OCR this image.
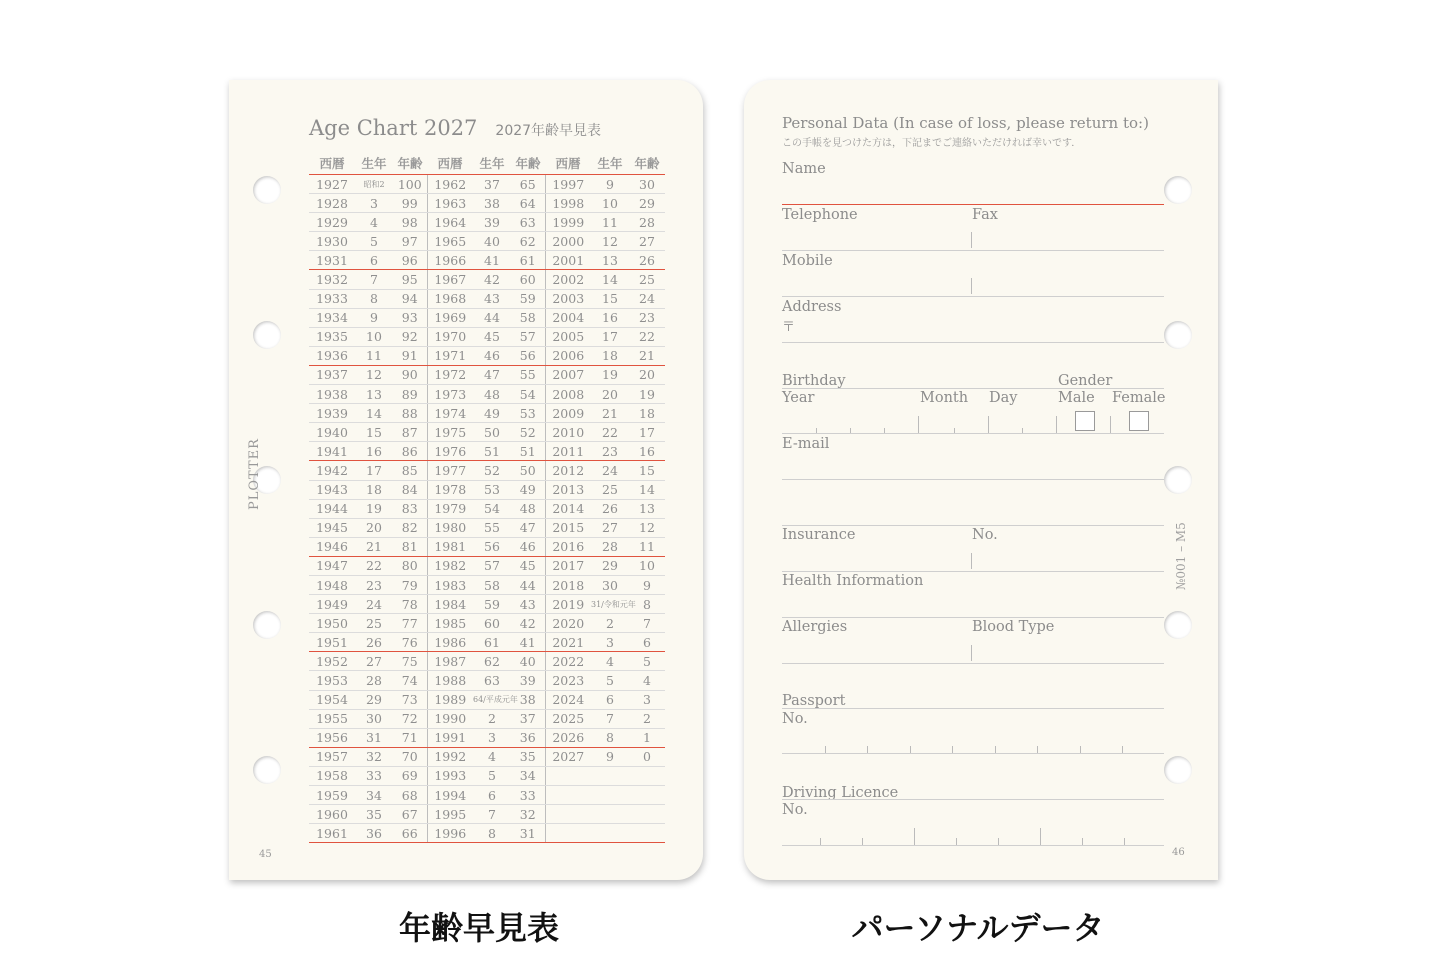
Age Chart 2027 2027年齢早見表
PLOTTER
西暦	生年	年齢	西暦	生年	年齢	西暦	生年	年齢
1927	昭和2	100	1962	37	65	1997	9	30
1928	3	99	1963	38	64	1998	10	29
1929	4	98	1964	39	63	1999	11	28
1930	5	97	1965	40	62	2000	12	27
1931	6	96	1966	41	61	2001	13	26
1932	7	95	1967	42	60	2002	14	25
1933	8	94	1968	43	59	2003	15	24
1934	9	93	1969	44	58	2004	16	23
1935	10	92	1970	45	57	2005	17	22
1936	11	91	1971	46	56	2006	18	21
1937	12	90	1972	47	55	2007	19	20
1938	13	89	1973	48	54	2008	20	19
1939	14	88	1974	49	53	2009	21	18
1940	15	87	1975	50	52	2010	22	17
1941	16	86	1976	51	51	2011	23	16
1942	17	85	1977	52	50	2012	24	15
1943	18	84	1978	53	49	2013	25	14
1944	19	83	1979	54	48	2014	26	13
1945	20	82	1980	55	47	2015	27	12
1946	21	81	1981	56	46	2016	28	11
1947	22	80	1982	57	45	2017	29	10
1948	23	79	1983	58	44	2018	30	9
1949	24	78	1984	59	43	2019	31/令和元年	8
1950	25	77	1985	60	42	2020	2	7
1951	26	76	1986	61	41	2021	3	6
1952	27	75	1987	62	40	2022	4	5
1953	28	74	1988	63	39	2023	5	4
1954	29	73	1989	64/平成元年	38	2024	6	3
1955	30	72	1990	2	37	2025	7	2
1956	31	71	1991	3	36	2026	8	1
1957	32	70	1992	4	35	2027	9	0
1958	33	69	1993	5	34			
1959	34	68	1994	6	33			
1960	35	67	1995	7	32			
1961	36	66	1996	8	31			
45
Personal Data (In case of loss, please return to:)
この手帳を見つけた方は，下記までご連絡いただければ幸いです．
Name
Telephone	Fax
Mobile
Address
〒
Birthday	Gender
Year	Month Day	Male Female
E-mail
Insurance	No.
Health Information
Allergies	Blood Type
Passport
No.
Driving Licence
No.
№001 – M5
46
年齢早見表	パーソナルデータ
